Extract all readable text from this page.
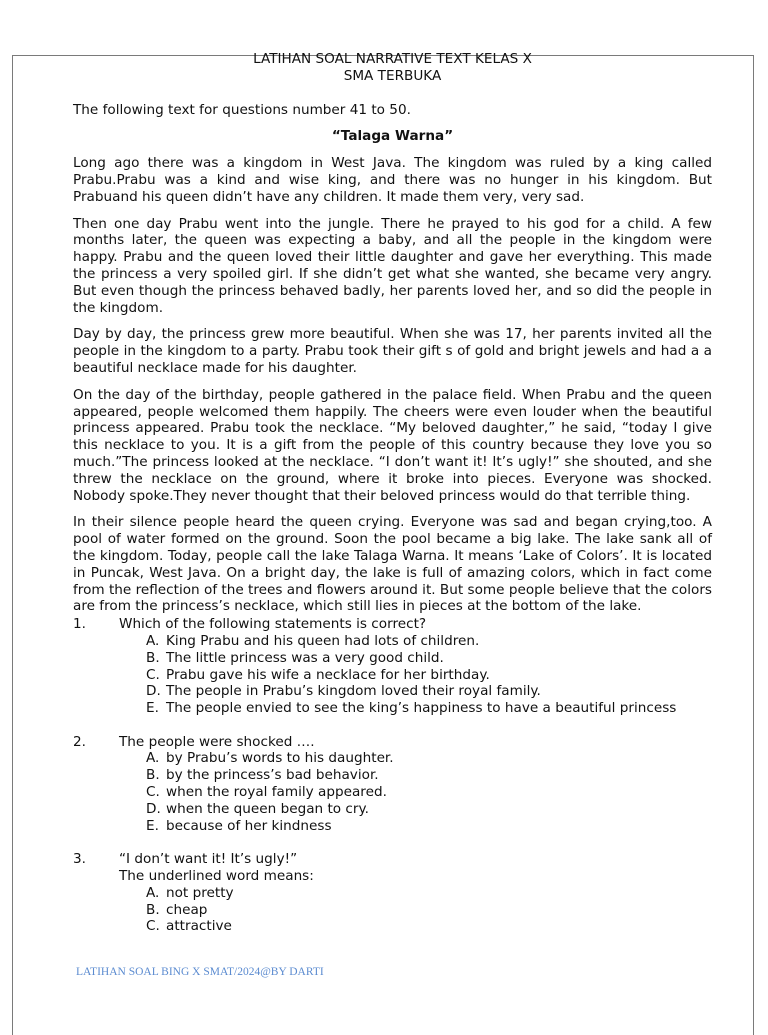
LATIHAN SOAL NARRATIVE TEXT KELAS X

SMA TERBUKA

The following text for questions number 41 to 50.

“Talaga Warna”

Long ago there was a kingdom in West Java. The kingdom was ruled by a king called Prabu.Prabu was a kind and wise king, and there was no hunger in his kingdom. But Prabuand his queen didn’t have any children. It made them very, very sad.

Then one day Prabu went into the jungle. There he prayed to his god for a child. A few months later, the queen was expecting a baby, and all the people in the kingdom were happy. Prabu and the queen loved their little daughter and gave her everything. This made the princess a very spoiled girl. If she didn’t get what she wanted, she became very angry. But even though the princess behaved badly, her parents loved her, and so did the people in the kingdom.

Day by day, the princess grew more beautiful. When she was 17, her parents invited all the people in the kingdom to a party. Prabu took their gift s of gold and bright jewels and had a a beautiful necklace made for his daughter.

On the day of the birthday, people gathered in the palace field. When Prabu and the queen appeared, people welcomed them happily. The cheers were even louder when the beautiful princess appeared. Prabu took the necklace. “My beloved daughter,” he said, “today I give this necklace to you. It is a gift from the people of this country because they love you so much.”The princess looked at the necklace. “I don’t want it! It’s ugly!” she shouted, and she threw the necklace on the ground, where it broke into pieces. Everyone was shocked. Nobody spoke.They never thought that their beloved princess would do that terrible thing.

In their silence people heard the queen crying. Everyone was sad and began crying,too. A pool of water formed on the ground. Soon the pool became a big lake. The lake sank all of the kingdom. Today, people call the lake Talaga Warna. It means ‘Lake of Colors’. It is located in Puncak, West Java. On a bright day, the lake is full of amazing colors, which in fact come from the reflection of the trees and flowers around it. But some people believe that the colors are from the princess’s necklace, which still lies in pieces at the bottom of the lake.

1.	Which of the following statements is correct?
A. King Prabu and his queen had lots of children.
B. The little princess was a very good child.
C. Prabu gave his wife a necklace for her birthday.
D. The people in Prabu’s kingdom loved their royal family.
E. The people envied to see the king’s happiness to have a beautiful princess
2.	The people were shocked ….
A. by Prabu’s words to his daughter.
B. by the princess’s bad behavior.
C. when the royal family appeared.
D. when the queen began to cry.
E. because of her kindness
3.	“I don’t want it! It’s ugly!”
The underlined word means:
A. not pretty
B. cheap
C. attractive
LATIHAN SOAL BING X SMAT/2024@BY DARTI
